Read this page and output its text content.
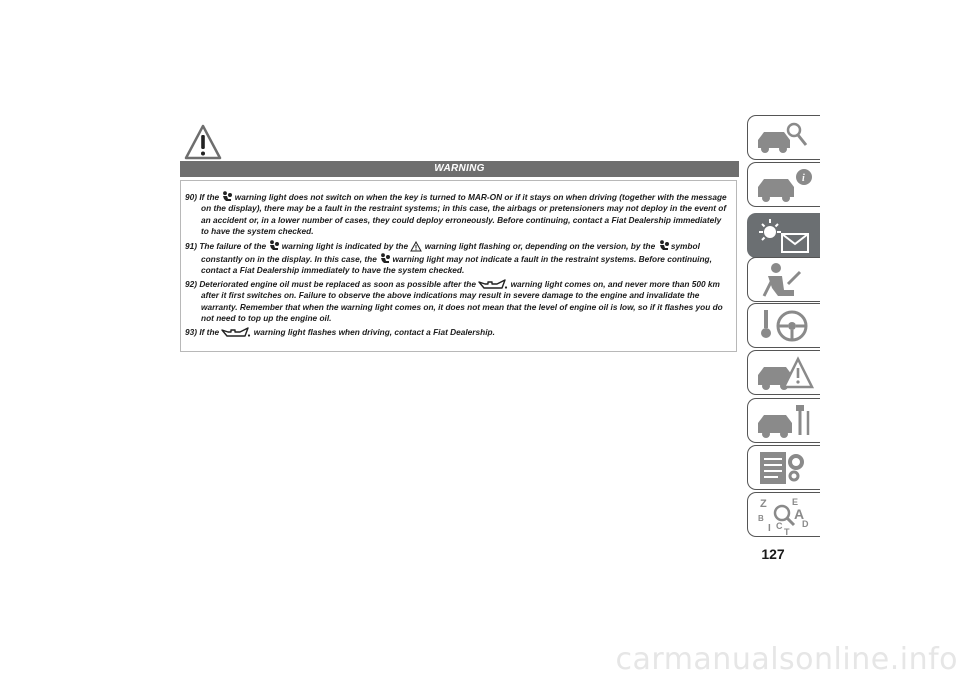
WARNING

90) If the warning light does not switch on when the key is turned to MAR-ON or if it stays on when driving (together with the message on the display), there may be a fault in the restraint systems; in this case, the airbags or pretensioners may not deploy in the event of an accident or, in a lower number of cases, they could deploy erroneously. Before continuing, contact a Fiat Dealership immediately to have the system checked.

91) The failure of the warning light is indicated by the warning light flashing or, depending on the version, by the symbol constantly on in the display. In this case, the warning light may not indicate a fault in the restraint systems. Before continuing, contact a Fiat Dealership immediately to have the system checked.

92) Deteriorated engine oil must be replaced as soon as possible after the	warning light comes on, and never more than 500 km after it first switches on. Failure to observe the above indications may result in severe damage to the engine and invalidate the warranty. Remember that when the warning light comes on, it does not mean that the level of engine oil is low, so if it flashes you do not need to top up the engine oil.

93) If the	warning light flashes when driving, contact a Fiat Dealership.

i
Z	E
B A
I C
T
D
127
carmanualsonline.info
